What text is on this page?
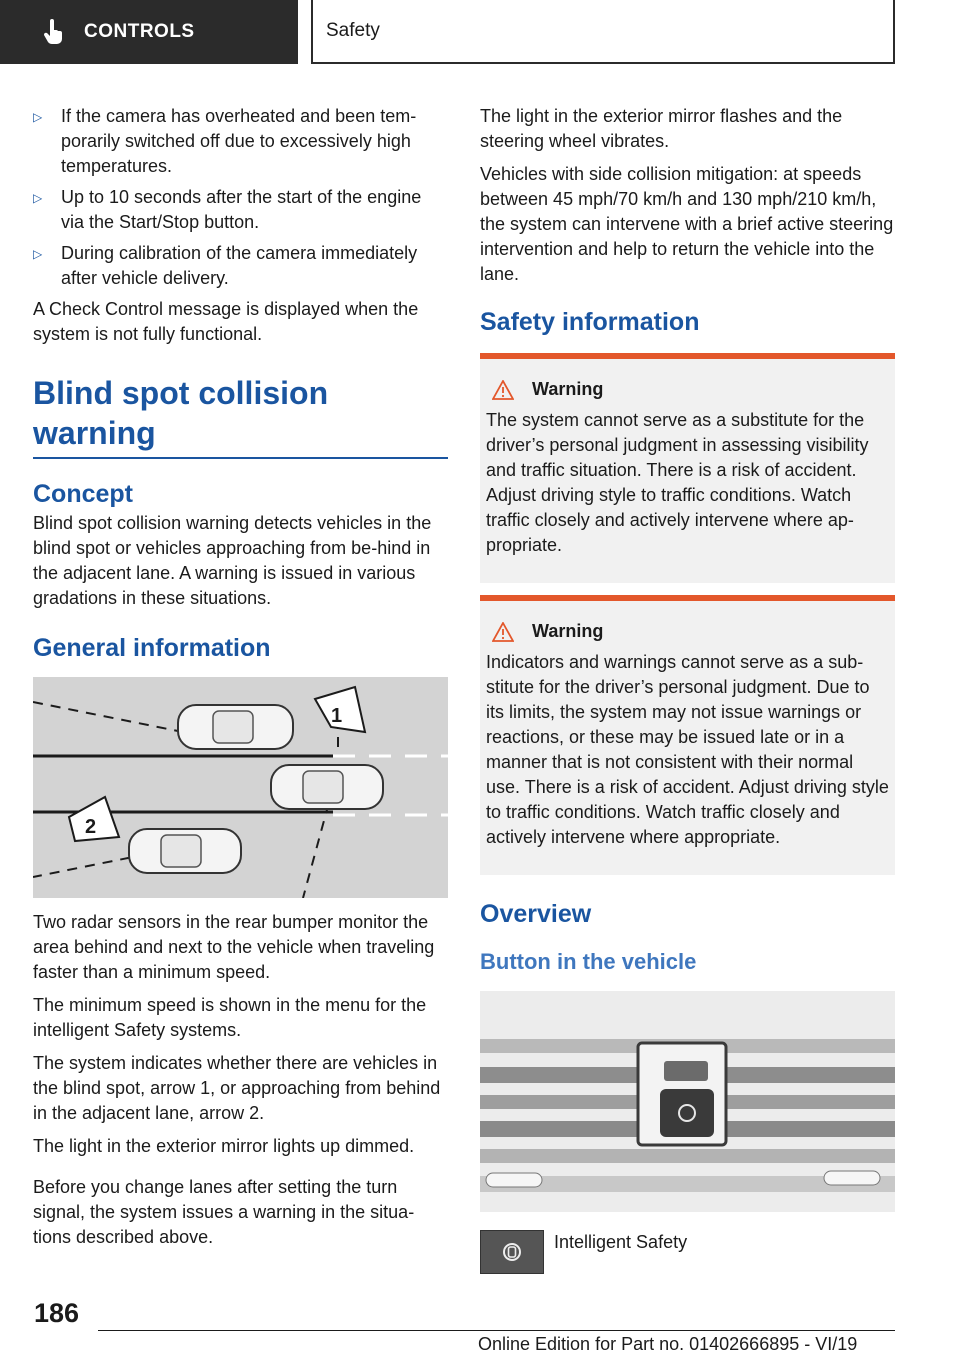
CONTROLS	Safety
▷	If the camera has overheated and been tem-porarily switched off due to excessively high temperatures.
▷	Up to 10 seconds after the start of the engine via the Start/Stop button.
▷	During calibration of the camera immediately after vehicle delivery.

A Check Control message is displayed when the system is not fully functional.

Blind spot collision warning
Concept

Blind spot collision warning detects vehicles in the blind spot or vehicles approaching from be-hind in the adjacent lane. A warning is issued in various gradations in these situations.

General information
1
2

Two radar sensors in the rear bumper monitor the area behind and next to the vehicle when traveling faster than a minimum speed.

The minimum speed is shown in the menu for the intelligent Safety systems.

The system indicates whether there are vehicles in the blind spot, arrow 1, or approaching from behind in the adjacent lane, arrow 2.

The light in the exterior mirror lights up dimmed.

Before you change lanes after setting the turn signal, the system issues a warning in the situa-tions described above.

The light in the exterior mirror flashes and the steering wheel vibrates.

Vehicles with side collision mitigation: at speeds between 45 mph/70 km/h and 130 mph/210 km/h, the system can intervene with a brief active steering intervention and help to return the vehicle into the lane.

Safety information
Warning
The system cannot serve as a substitute for the driver’s personal judgment in assessing visibility and traffic situation. There is a risk of accident. Adjust driving style to traffic conditions. Watch traffic closely and actively intervene where ap-propriate.
Warning
Indicators and warnings cannot serve as a sub-stitute for the driver’s personal judgment. Due to its limits, the system may not issue warnings or reactions, or these may be issued late or in a manner that is not consistent with their normal use. There is a risk of accident. Adjust driving style to traffic conditions. Watch traffic closely and actively intervene where appropriate.
Overview
Button in the vehicle
Intelligent Safety
186
Online Edition for Part no. 01402666895 - VI/19
